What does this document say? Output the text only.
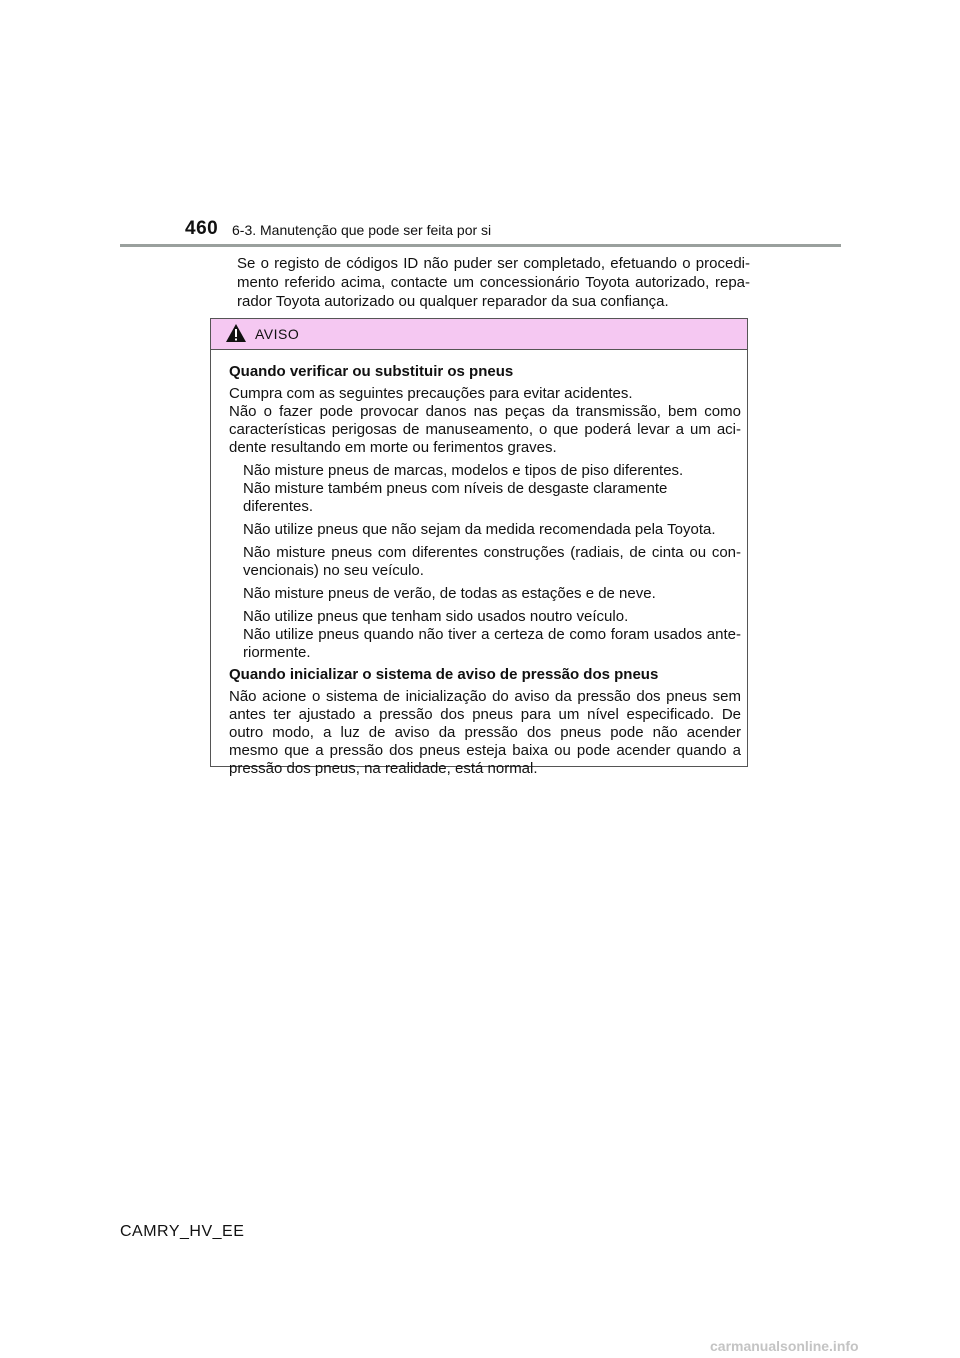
460 6-3. Manutenção que pode ser feita por si
Se o registo de códigos ID não puder ser completado, efetuando o procedi-
mento referido acima, contacte um concessionário Toyota autorizado, repa-
rador Toyota autorizado ou qualquer reparador da sua confiança.
AVISO
Quando verificar ou substituir os pneus
Cumpra com as seguintes precauções para evitar acidentes.
Não o fazer pode provocar danos nas peças da transmissão, bem como
características perigosas de manuseamento, o que poderá levar a um aci-
dente resultando em morte ou ferimentos graves.
Não misture pneus de marcas, modelos e tipos de piso diferentes.
Não misture também pneus com níveis de desgaste claramente diferentes.
Não utilize pneus que não sejam da medida recomendada pela Toyota.
Não misture pneus com diferentes construções (radiais, de cinta ou con-
vencionais) no seu veículo.
Não misture pneus de verão, de todas as estações e de neve.
Não utilize pneus que tenham sido usados noutro veículo.
Não utilize pneus quando não tiver a certeza de como foram usados ante-
riormente.
Quando inicializar o sistema de aviso de pressão dos pneus
Não acione o sistema de inicialização do aviso da pressão dos pneus sem
antes ter ajustado a pressão dos pneus para um nível especificado. De
outro modo, a luz de aviso da pressão dos pneus pode não acender
mesmo que a pressão dos pneus esteja baixa ou pode acender quando a
pressão dos pneus, na realidade, está normal.
CAMRY_HV_EE
carmanualsonline.info
